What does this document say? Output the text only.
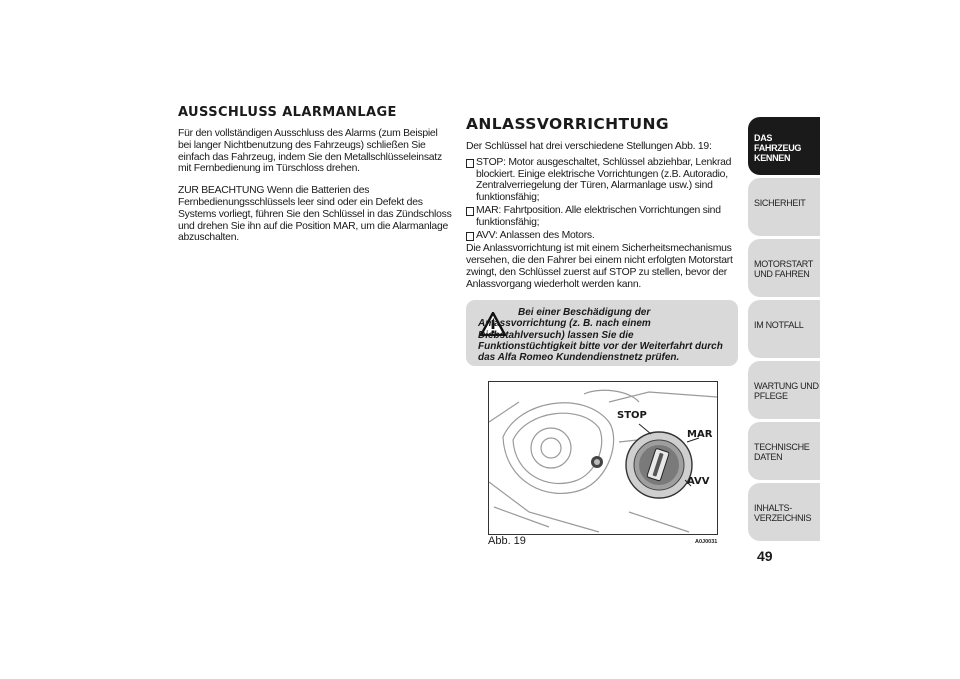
AUSSCHLUSS ALARMANLAGE

Für den vollständigen Ausschluss des Alarms (zum Beispiel bei langer Nichtbenutzung des Fahrzeugs) schließen Sie einfach das Fahrzeug, indem Sie den Metallschlüsseleinsatz mit Fernbedienung im Türschloss drehen.

ZUR BEACHTUNG Wenn die Batterien des Fernbedienungsschlüssels leer sind oder ein Defekt des Systems vorliegt, führen Sie den Schlüssel in das Zündschloss und drehen Sie ihn auf die Position MAR, um die Alarmanlage abzuschalten.

ANLASSVORRICHTUNG

Der Schlüssel hat drei verschiedene Stellungen Abb. 19:

STOP: Motor ausgeschaltet, Schlüssel abziehbar, Lenkrad blockiert. Einige elektrische Vorrichtungen (z.B. Autoradio, Zentralverriegelung der Türen, Alarmanlage usw.) sind funktionsfähig;
MAR: Fahrtposition. Alle elektrischen Vorrichtungen sind funktionsfähig;
AVV: Anlassen des Motors.

Die Anlassvorrichtung ist mit einem Sicherheitsmechanismus versehen, die den Fahrer bei einem nicht erfolgten Motorstart zwingt, den Schlüssel zuerst auf STOP zu stellen, bevor der Anlassvorgang wiederholt werden kann.

Bei einer Beschädigung der Anlassvorrichtung (z. B. nach einem Diebstahlversuch) lassen Sie die Funktionstüchtigkeit bitte vor der Weiterfahrt durch das Alfa Romeo Kundendienstnetz prüfen.
STOP
MAR
AVV
Abb. 19	A0J0031
DAS FAHRZEUG KENNEN
SICHERHEIT
MOTORSTART UND FAHREN
IM NOTFALL
WARTUNG UND PFLEGE
TECHNISCHE DATEN
INHALTS-VERZEICHNIS
49
